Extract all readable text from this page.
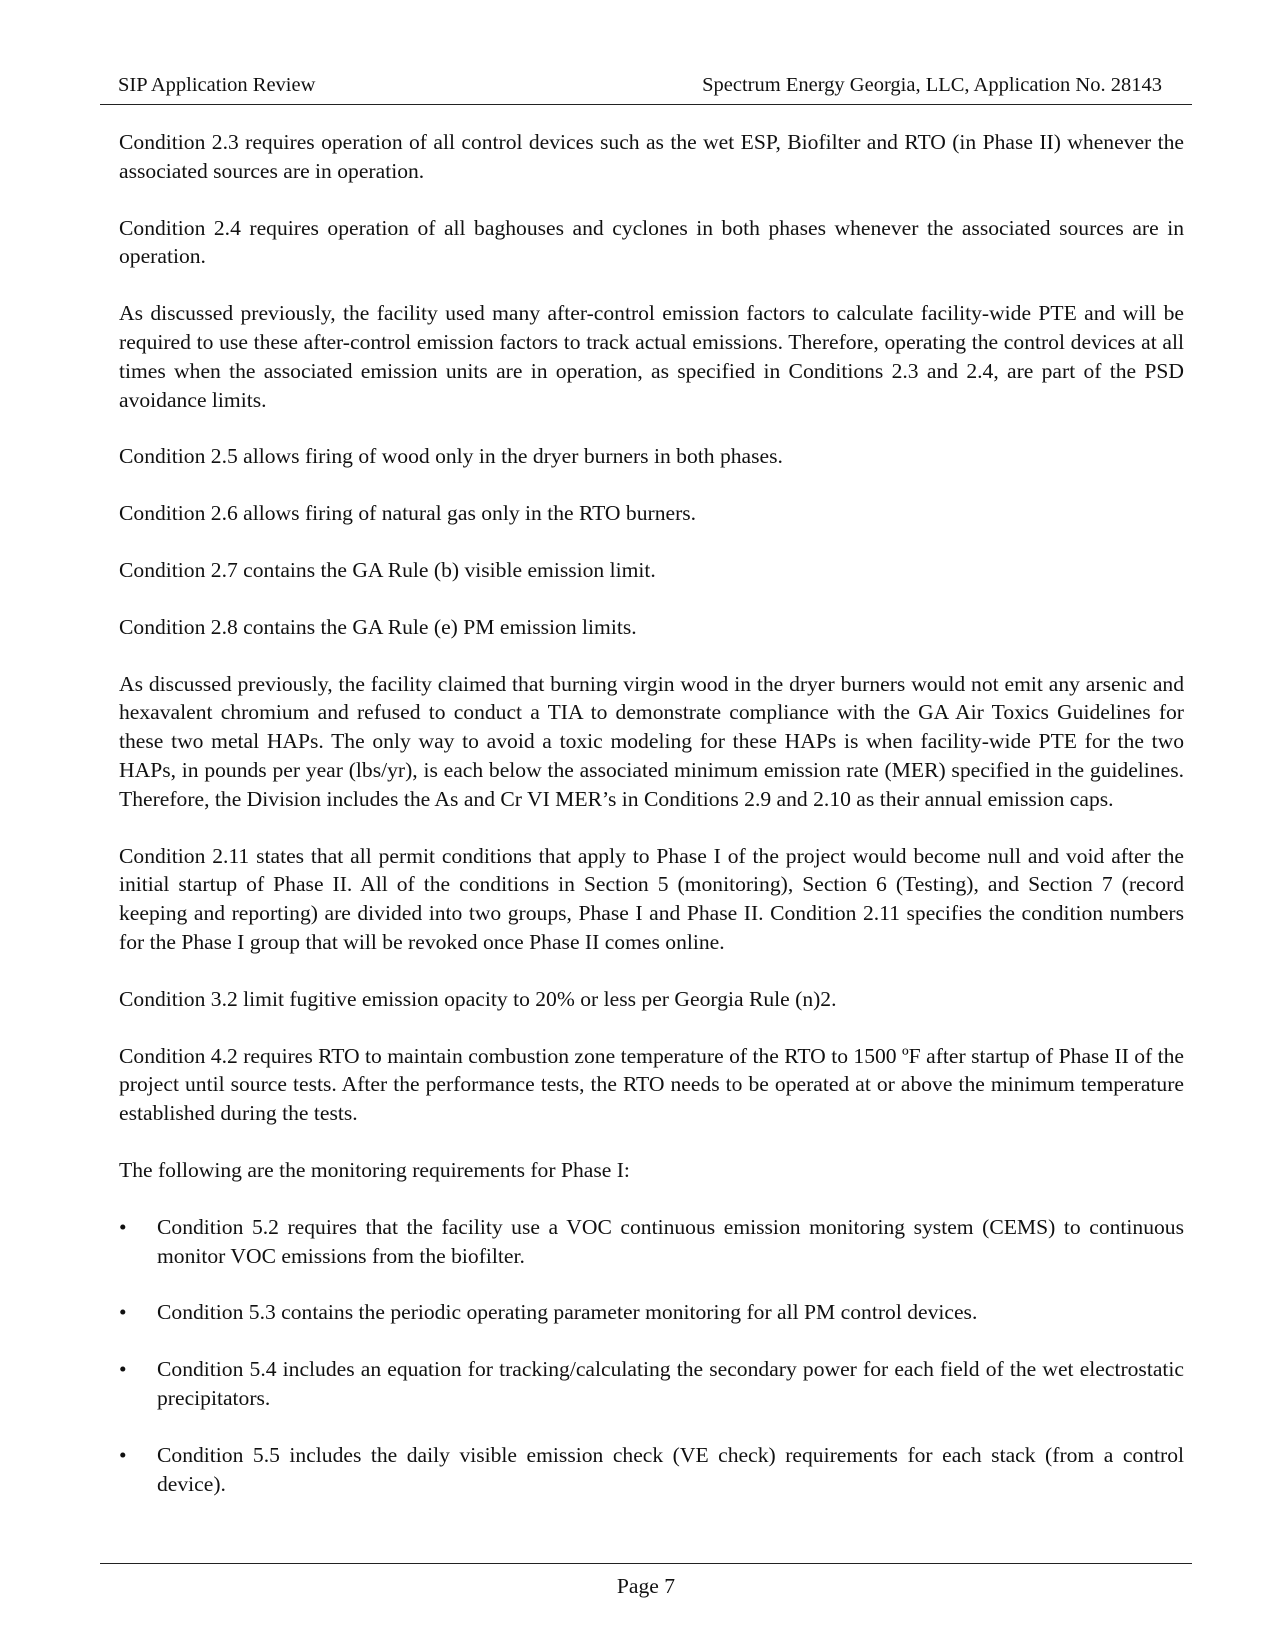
SIP Application Review	Spectrum Energy Georgia, LLC, Application No. 28143

Condition 2.3 requires operation of all control devices such as the wet ESP, Biofilter and RTO (in Phase II) whenever the associated sources are in operation.

Condition 2.4 requires operation of all baghouses and cyclones in both phases whenever the associated sources are in operation.

As discussed previously, the facility used many after-control emission factors to calculate facility-wide PTE and will be required to use these after-control emission factors to track actual emissions. Therefore, operating the control devices at all times when the associated emission units are in operation, as specified in Conditions 2.3 and 2.4, are part of the PSD avoidance limits.

Condition 2.5 allows firing of wood only in the dryer burners in both phases.

Condition 2.6 allows firing of natural gas only in the RTO burners.

Condition 2.7 contains the GA Rule (b) visible emission limit.

Condition 2.8 contains the GA Rule (e) PM emission limits.

As discussed previously, the facility claimed that burning virgin wood in the dryer burners would not emit any arsenic and hexavalent chromium and refused to conduct a TIA to demonstrate compliance with the GA Air Toxics Guidelines for these two metal HAPs. The only way to avoid a toxic modeling for these HAPs is when facility-wide PTE for the two HAPs, in pounds per year (lbs/yr), is each below the associated minimum emission rate (MER) specified in the guidelines. Therefore, the Division includes the As and Cr VI MER’s in Conditions 2.9 and 2.10 as their annual emission caps.

Condition 2.11 states that all permit conditions that apply to Phase I of the project would become null and void after the initial startup of Phase II. All of the conditions in Section 5 (monitoring), Section 6 (Testing), and Section 7 (record keeping and reporting) are divided into two groups, Phase I and Phase II. Condition 2.11 specifies the condition numbers for the Phase I group that will be revoked once Phase II comes online.

Condition 3.2 limit fugitive emission opacity to 20% or less per Georgia Rule (n)2.

Condition 4.2 requires RTO to maintain combustion zone temperature of the RTO to 1500 ºF after startup of Phase II of the project until source tests. After the performance tests, the RTO needs to be operated at or above the minimum temperature established during the tests.

The following are the monitoring requirements for Phase I:

• Condition 5.2 requires that the facility use a VOC continuous emission monitoring system (CEMS) to continuous monitor VOC emissions from the biofilter.
• Condition 5.3 contains the periodic operating parameter monitoring for all PM control devices.
• Condition 5.4 includes an equation for tracking/calculating the secondary power for each field of the wet electrostatic precipitators.
• Condition 5.5 includes the daily visible emission check (VE check) requirements for each stack (from a control device).
Page 7
